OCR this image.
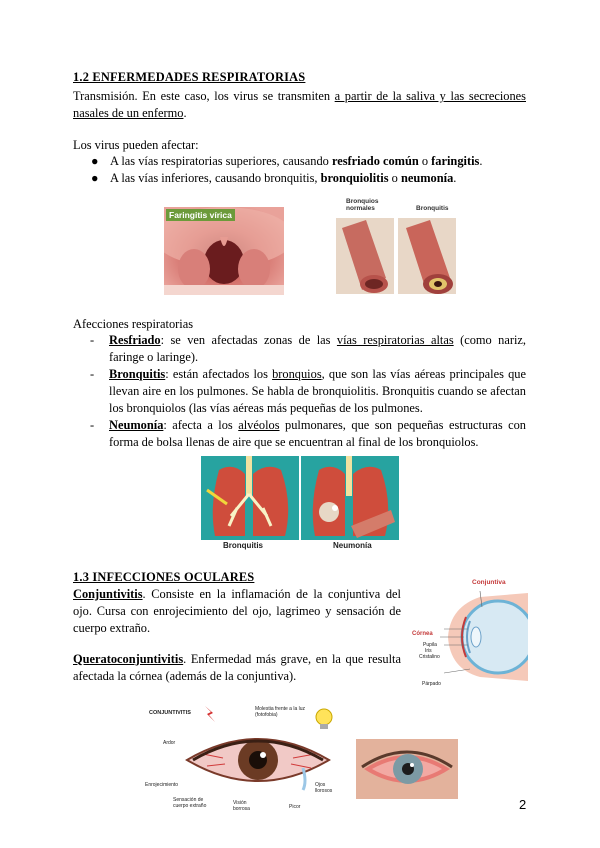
1.2 ENFERMEDADES RESPIRATORIAS
Transmisión. En este caso, los virus se transmiten a partir de la saliva y las secreciones nasales de un enfermo.
Los virus pueden afectar:
● A las vías respiratorias superiores, causando resfriado común o faringitis.
● A las vías inferiores, causando bronquitis, bronquiolitis o neumonía.
Faringitis vírica
Bronquios normales	Bronquitis
Afecciones respiratorias
- Resfriado: se ven afectadas zonas de las vías respiratorias altas (como nariz, faringe o laringe).
- Bronquitis: están afectados los bronquios, que son las vías aéreas principales que llevan aire en los pulmones. Se habla de bronquiolitis. Bronquitis cuando se afectan los bronquiolos (las vías aéreas más pequeñas de los pulmones.
- Neumonía: afecta a los alvéolos pulmonares, que son pequeñas estructuras con forma de bolsa llenas de aire que se encuentran al final de los bronquiolos.
Bronquitis	Neumonía
1.3 INFECCIONES OCULARES
Conjuntivitis. Consiste en la inflamación de la conjuntiva del ojo. Cursa con enrojecimiento del ojo, lagrimeo y sensación de cuerpo extraño.
Queratoconjuntivitis. Enfermedad más grave, en la que resulta afectada la córnea (además de la conjuntiva).
Conjuntiva
Córnea
Pupila
Iris
Cristalino
Párpado
CONJUNTIVITIS
Molestia frente a la luz (fotofobia)
Ardor
Enrojecimiento
Sensación de cuerpo extraño	Visión borrosa	Picor
Ojos llorosos
2
